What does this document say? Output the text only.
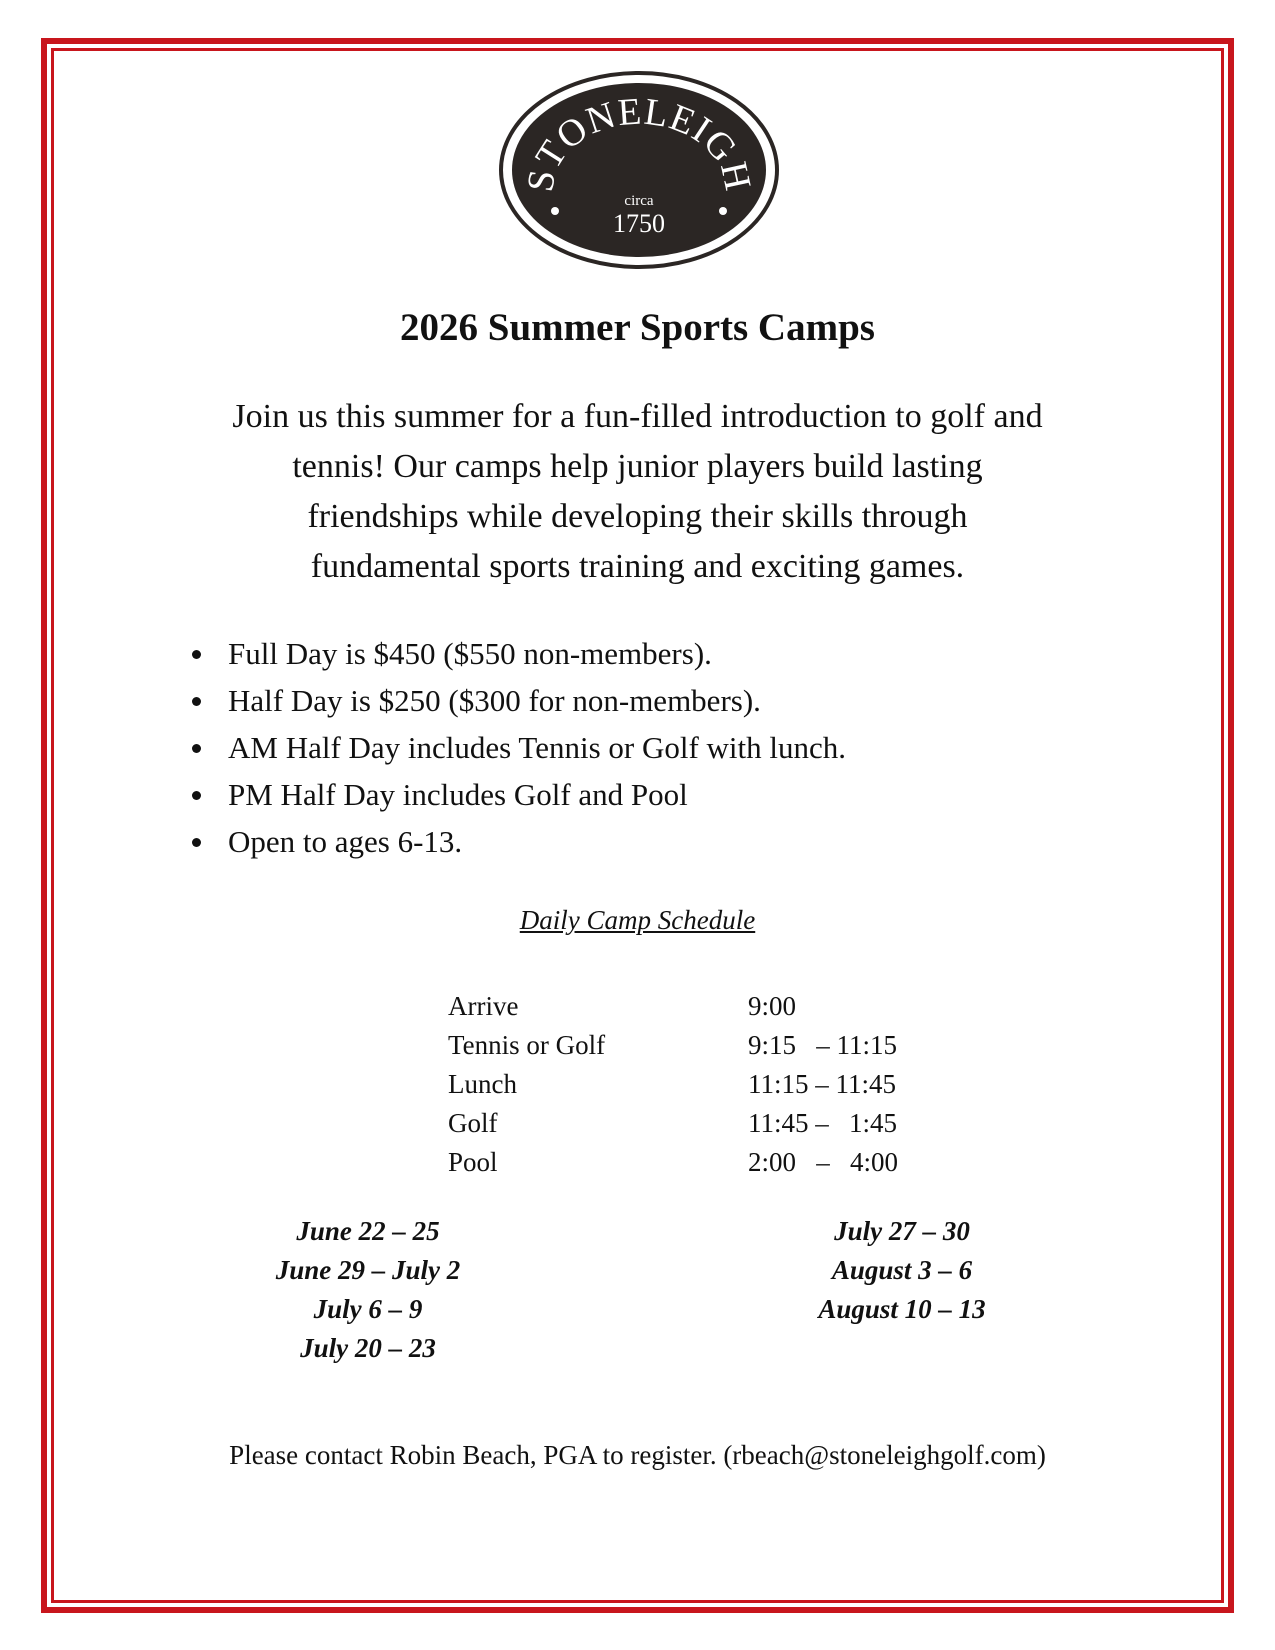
STONELEIGH
circa
1750
2026 Summer Sports Camps
Join us this summer for a fun-filled introduction to golf and
tennis! Our camps help junior players build lasting
friendships while developing their skills through
fundamental sports training and exciting games.
Full Day is $450 ($550 non-members).
Half Day is $250 ($300 for non-members).
AM Half Day includes Tennis or Golf with lunch.
PM Half Day includes Golf and Pool
Open to ages 6-13.
Daily Camp Schedule
Arrive	9:00
Tennis or Golf	9:15   – 11:15
Lunch	11:15 – 11:45
Golf	11:45 –   1:45
Pool	2:00   –   4:00
June 22 – 25
June 29 – July 2
July 6 – 9
July 20 – 23
July 27 – 30
August 3 – 6
August 10 – 13
Please contact Robin Beach, PGA to register. (rbeach@stoneleighgolf.com)
